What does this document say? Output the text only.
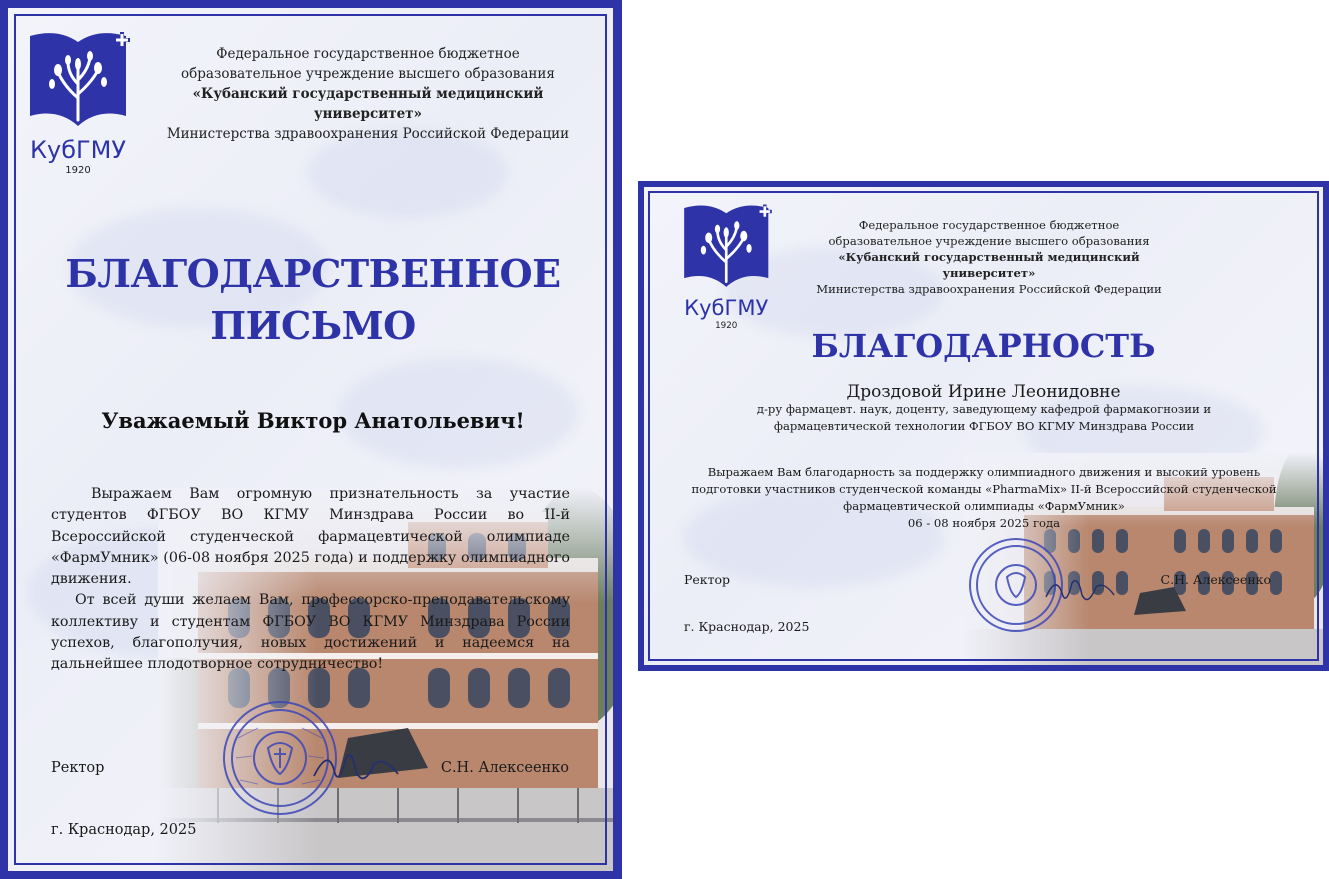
КубГМУ
1920
Федеральное государственное бюджетное
образовательное учреждение высшего образования
«Кубанский государственный медицинский университет»
Министерства здравоохранения Российской Федерации
БЛАГОДАРСТВЕННОЕ
ПИСЬМО
Уважаемый Виктор Анатольевич!

Выражаем Вам огромную признательность за участие студентов ФГБОУ ВО КГМУ Минздрава России во II-й Всероссийской студенческой фармацевтической олимпиаде «ФармУмник» (06-08 ноября 2025 года) и поддержку олимпиадного движения.

От всей души желаем Вам, профессорско-преподавательскому коллективу и студентам ФГБОУ ВО КГМУ Минздрава России успехов, благополучия, новых достижений и надеемся на дальнейшее плодотворное сотрудничество!

Ректор	С.Н. Алексеенко
г. Краснодар, 2025
КубГМУ
1920
Федеральное государственное бюджетное
образовательное учреждение высшего образования
«Кубанский государственный медицинский университет»
Министерства здравоохранения Российской Федерации
БЛАГОДАРНОСТЬ
Дроздовой Ирине Леонидовне
д-ру фармацевт. наук, доценту, заведующему кафедрой фармакогнозии и
фармацевтической технологии ФГБОУ ВО КГМУ Минздрава России
Выражаем Вам благодарность за поддержку олимпиадного движения и высокий уровень
подготовки участников студенческой команды «PharmaMix» II-й Всероссийской студенческой
фармацевтической олимпиады «ФармУмник»
06 - 08 ноября 2025 года
Ректор	С.Н. Алексеенко
г. Краснодар, 2025
